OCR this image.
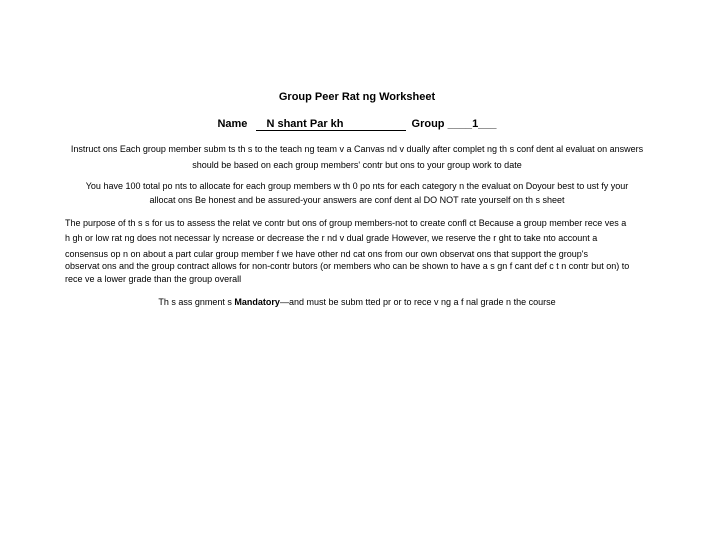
Group Peer Rat ng Worksheet
Name N shant Par kh	Group ____1___
Instruct ons Each group member subm ts th s to the teach ng team v a Canvas nd v dually after complet ng th s conf dent al evaluat on answers
should be based on each group members' contr but ons to your group work to date
You have 100 total po nts to allocate for each group members w th 0 po nts for each category n the evaluat on Doyour best to ust fy your
allocat ons Be honest and be assured-your answers are conf dent al DO NOT rate yourself on th s sheet
The purpose of th s s for us to assess the relat ve contr but ons of group members-not to create confl ct Because a group member rece ves a
h gh or low rat ng does not necessar ly ncrease or decrease the r nd v dual grade However, we reserve the r ght to take nto account a
consensus op n on about a part cular group member f we have other nd cat ons from our own observat ons that support the group's
observat ons and the group contract allows for non-contr butors (or members who can be shown to have a s gn f cant def c t n contr but on) to
rece ve a lower grade than the group overall
Th s ass gnment s Mandatory—and must be subm tted pr or to rece v ng a f nal grade n the course
